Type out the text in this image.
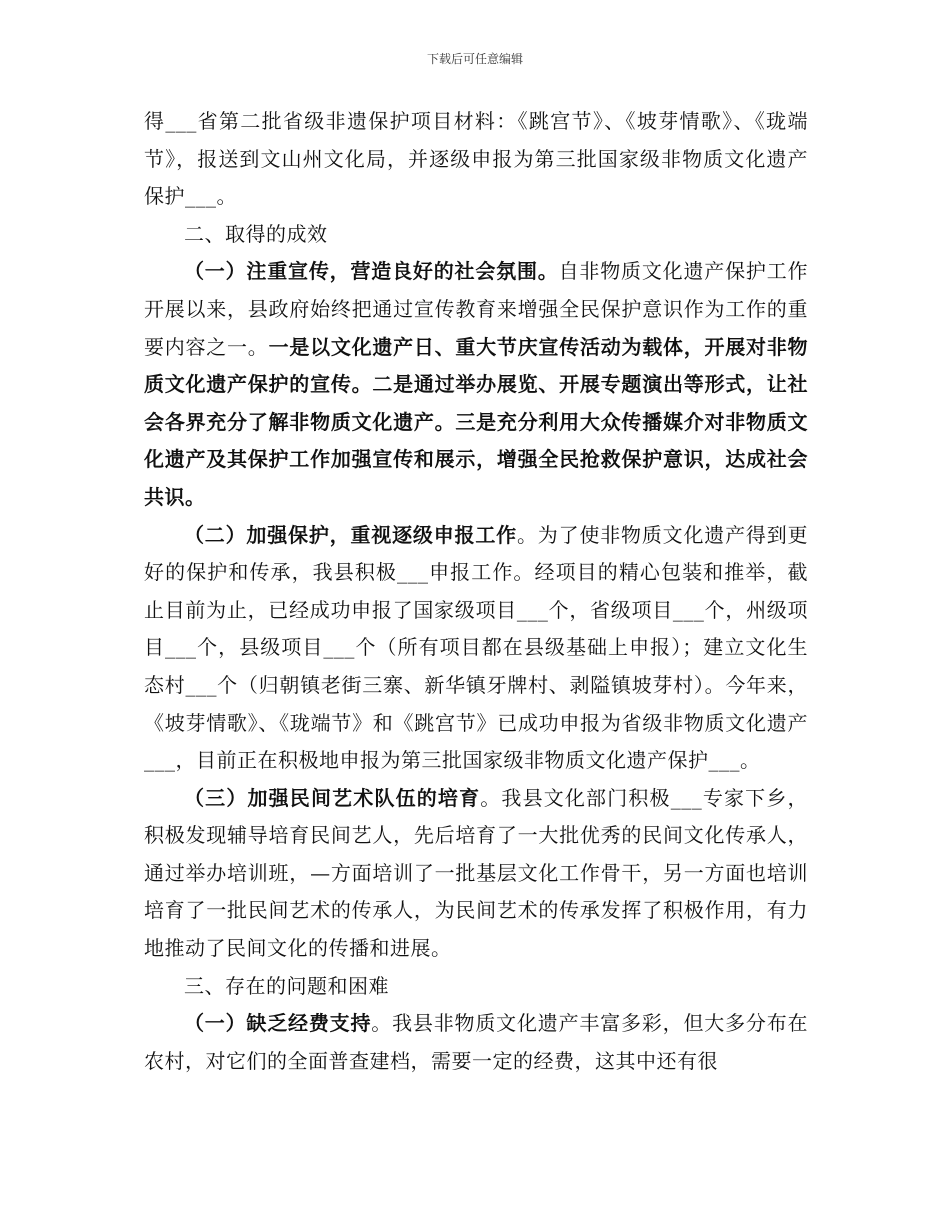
下载后可任意编辑

得___省第二批省级非遗保护项目材料：《跳宫节》、《坡芽情歌》、《珑端节》，报送到文山州文化局，并逐级申报为第三批国家级非物质文化遗产保护___。

二、取得的成效

（一）注重宣传，营造良好的社会氛围。自非物质文化遗产保护工作开展以来，县政府始终把通过宣传教育来增强全民保护意识作为工作的重要内容之一。一是以文化遗产日、重大节庆宣传活动为载体，开展对非物质文化遗产保护的宣传。二是通过举办展览、开展专题演出等形式，让社会各界充分了解非物质文化遗产。三是充分利用大众传播媒介对非物质文化遗产及其保护工作加强宣传和展示，增强全民抢救保护意识，达成社会共识。

（二）加强保护，重视逐级申报工作。为了使非物质文化遗产得到更好的保护和传承，我县积极___申报工作。经项目的精心包装和推举，截止目前为止，已经成功申报了国家级项目___个，省级项目___个，州级项目___个，县级项目___个（所有项目都在县级基础上申报）；建立文化生态村___个（归朝镇老街三寨、新华镇牙牌村、剥隘镇坡芽村）。今年来，《坡芽情歌》、《珑端节》和《跳宫节》已成功申报为省级非物质文化遗产___，目前正在积极地申报为第三批国家级非物质文化遗产保护___。

（三）加强民间艺术队伍的培育。我县文化部门积极___专家下乡，积极发现辅导培育民间艺人，先后培育了一大批优秀的民间文化传承人，通过举办培训班，—方面培训了一批基层文化工作骨干，另一方面也培训培育了一批民间艺术的传承人，为民间艺术的传承发挥了积极作用，有力地推动了民间文化的传播和进展。

三、存在的问题和困难

（一）缺乏经费支持。我县非物质文化遗产丰富多彩，但大多分布在农村，对它们的全面普查建档，需要一定的经费，这其中还有很
